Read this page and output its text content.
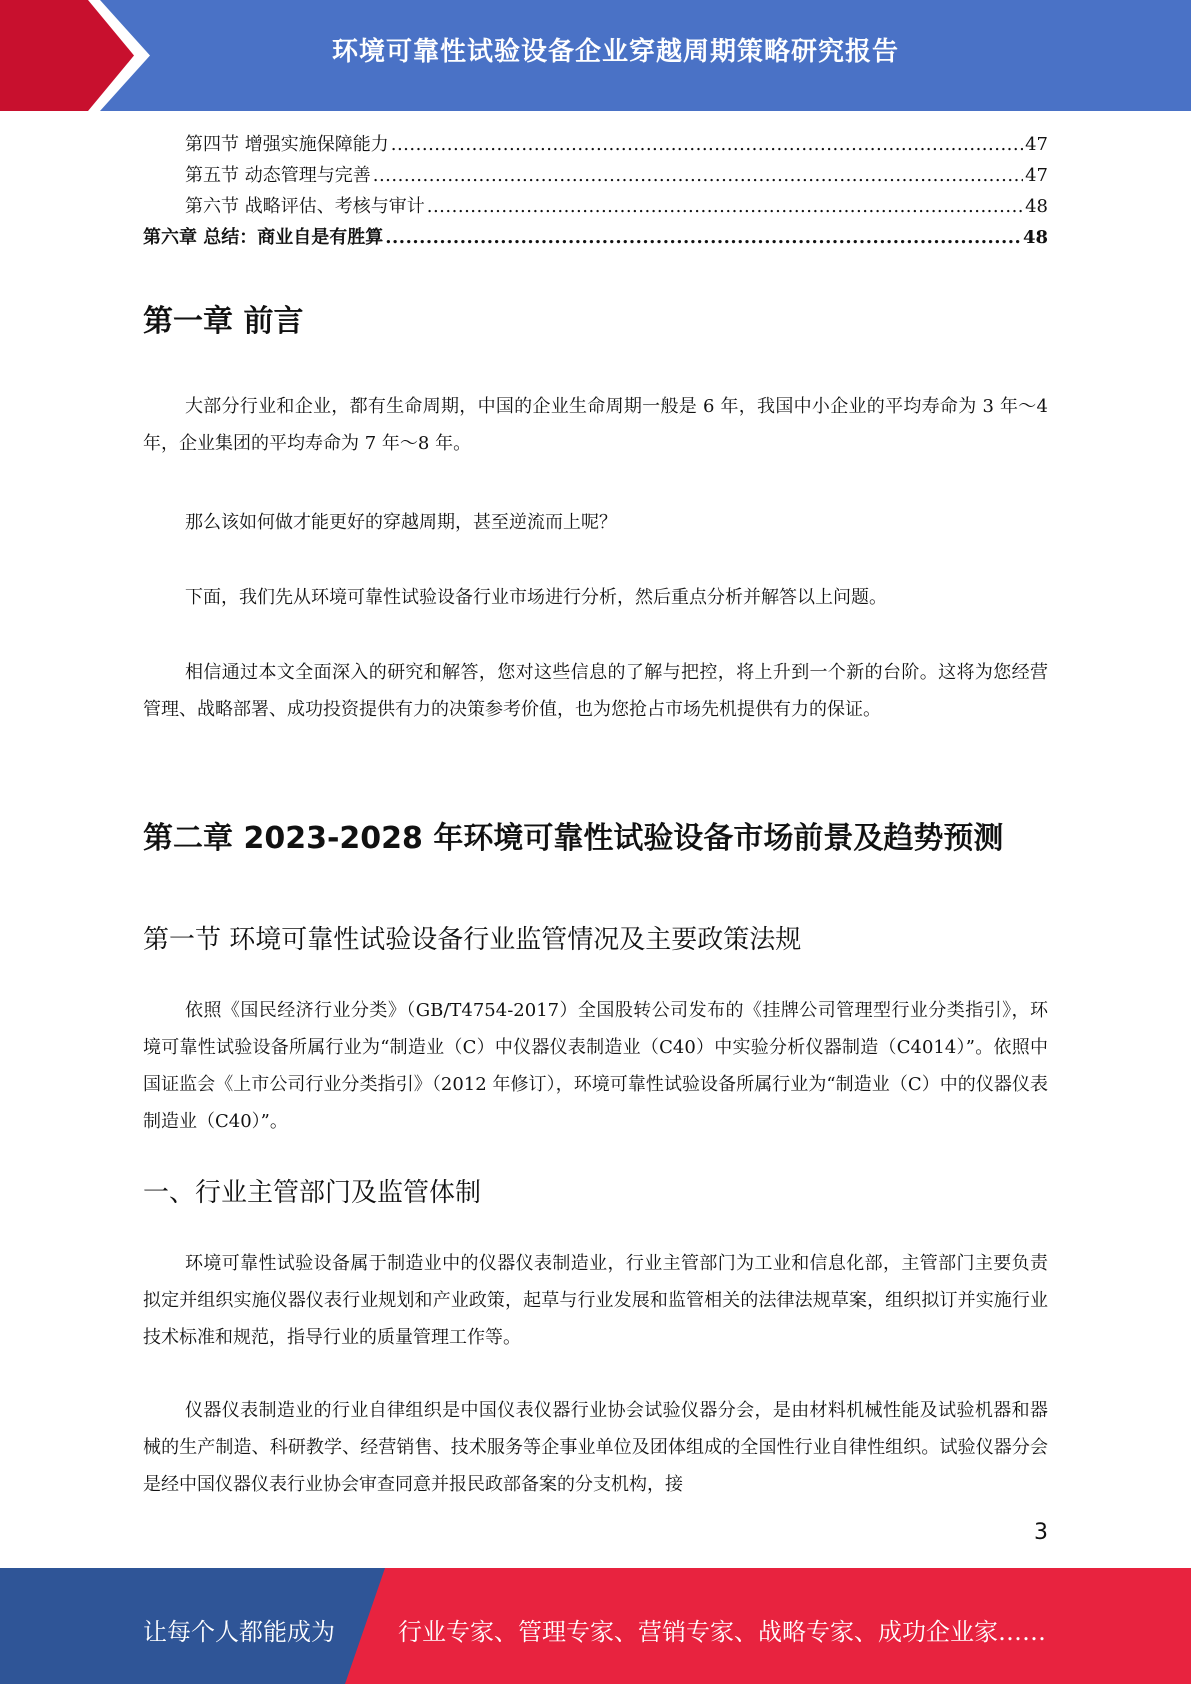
环境可靠性试验设备企业穿越周期策略研究报告
第四节 增强实施保障能力 .....	47
第五节 动态管理与完善 .....	47
第六节 战略评估、考核与审计 .....	48
第六章 总结：商业自是有胜算 .....	48
第一章 前言

大部分行业和企业，都有生命周期，中国的企业生命周期一般是 6 年，我国中小企业的平均寿命为 3 年～4 年，企业集团的平均寿命为 7 年～8 年。

那么该如何做才能更好的穿越周期，甚至逆流而上呢？

下面，我们先从环境可靠性试验设备行业市场进行分析，然后重点分析并解答以上问题。

相信通过本文全面深入的研究和解答，您对这些信息的了解与把控，将上升到一个新的台阶。这将为您经营管理、战略部署、成功投资提供有力的决策参考价值，也为您抢占市场先机提供有力的保证。

第二章 2023-2028 年环境可靠性试验设备市场前景及趋势预测
第一节 环境可靠性试验设备行业监管情况及主要政策法规

依照《国民经济行业分类》（GB/T4754-2017）全国股转公司发布的《挂牌公司管理型行业分类指引》，环境可靠性试验设备所属行业为“制造业（C）中仪器仪表制造业（C40）中实验分析仪器制造（C4014）”。依照中国证监会《上市公司行业分类指引》（2012 年修订），环境可靠性试验设备所属行业为“制造业（C）中的仪器仪表制造业（C40）”。

一、行业主管部门及监管体制

环境可靠性试验设备属于制造业中的仪器仪表制造业，行业主管部门为工业和信息化部，主管部门主要负责拟定并组织实施仪器仪表行业规划和产业政策，起草与行业发展和监管相关的法律法规草案，组织拟订并实施行业技术标准和规范，指导行业的质量管理工作等。

仪器仪表制造业的行业自律组织是中国仪表仪器行业协会试验仪器分会，是由材料机械性能及试验机器和器械的生产制造、科研教学、经营销售、技术服务等企事业单位及团体组成的全国性行业自律性组织。试验仪器分会是经中国仪器仪表行业协会审查同意并报民政部备案的分支机构，接

3
让每个人都能成为	行业专家、管理专家、营销专家、战略专家、成功企业家……
